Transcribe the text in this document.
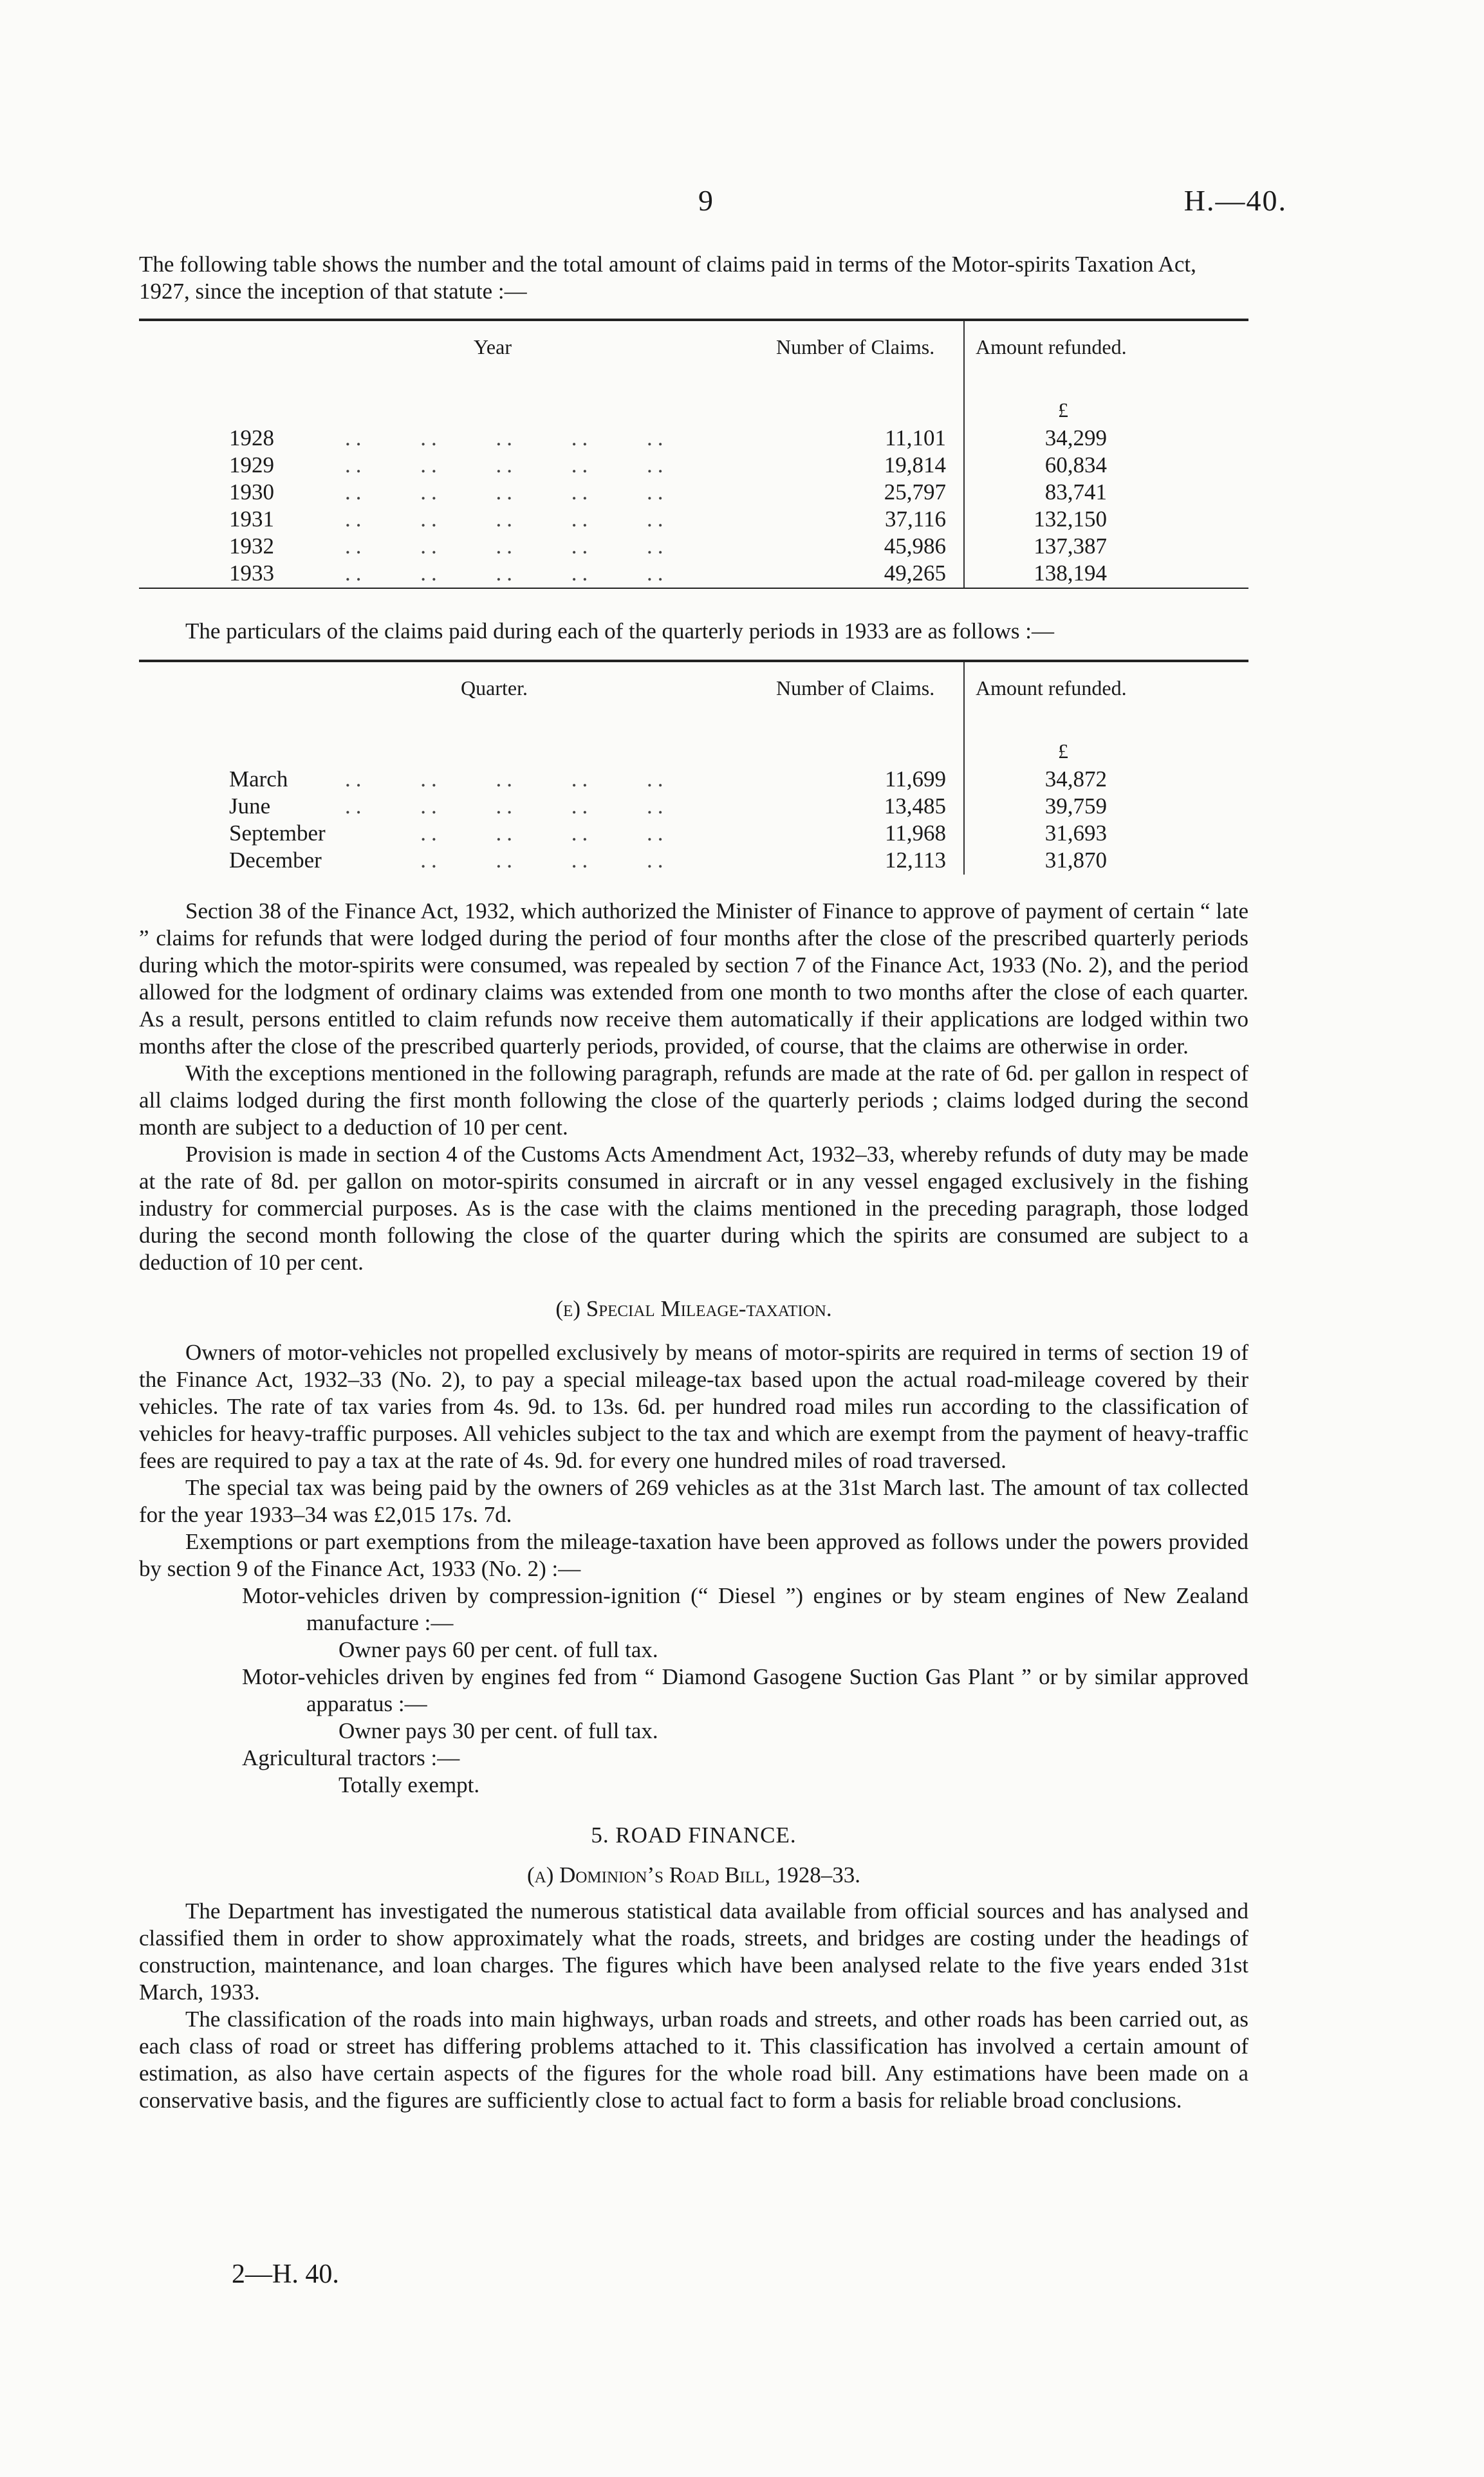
9	H.—40.
The following table shows the number and the total amount of claims paid in terms of the Motor-spirits Taxation Act, 1927, since the inception of that statute :—
Year	Number of Claims. Amount refunded.
£
1928	..     ..     ..     ..     ..	11,101	34,299
1929	..     ..     ..     ..     ..	19,814	60,834
1930	..     ..     ..     ..     ..	25,797	83,741
1931	..     ..     ..     ..     ..	37,116	132,150
1932	..     ..     ..     ..     ..	45,986	137,387
1933	..     ..     ..     ..     ..	49,265	138,194
The particulars of the claims paid during each of the quarterly periods in 1933 are as follows :—
Quarter.	Number of Claims. Amount refunded.
£
March	..     ..     ..     ..     ..	11,699	34,872
June	..     ..     ..     ..     ..	13,485	39,759
September ..     ..     ..     ..	11,968	31,693
December ..     ..     ..     ..	12,113	31,870

Section 38 of the Finance Act, 1932, which authorized the Minister of Finance to approve of payment of certain “ late ” claims for refunds that were lodged during the period of four months after the close of the prescribed quarterly periods during which the motor-spirits were consumed, was repealed by section 7 of the Finance Act, 1933 (No. 2), and the period allowed for the lodgment of ordinary claims was extended from one month to two months after the close of each quarter. As a result, persons entitled to claim refunds now receive them automatically if their applications are lodged within two months after the close of the prescribed quarterly periods, provided, of course, that the claims are otherwise in order.

With the exceptions mentioned in the following paragraph, refunds are made at the rate of 6d. per gallon in respect of all claims lodged during the first month following the close of the quarterly periods ; claims lodged during the second month are subject to a deduction of 10 per cent.

Provision is made in section 4 of the Customs Acts Amendment Act, 1932–33, whereby refunds of duty may be made at the rate of 8d. per gallon on motor-spirits consumed in aircraft or in any vessel engaged exclusively in the fishing industry for commercial purposes. As is the case with the claims mentioned in the preceding paragraph, those lodged during the second month following the close of the quarter during which the spirits are consumed are subject to a deduction of 10 per cent.

(e) Special Mileage-taxation.

Owners of motor-vehicles not propelled exclusively by means of motor-spirits are required in terms of section 19 of the Finance Act, 1932–33 (No. 2), to pay a special mileage-tax based upon the actual road-mileage covered by their vehicles. The rate of tax varies from 4s. 9d. to 13s. 6d. per hundred road miles run according to the classification of vehicles for heavy-traffic purposes. All vehicles subject to the tax and which are exempt from the payment of heavy-traffic fees are required to pay a tax at the rate of 4s. 9d. for every one hundred miles of road traversed.

The special tax was being paid by the owners of 269 vehicles as at the 31st March last. The amount of tax collected for the year 1933–34 was £2,015 17s. 7d.

Exemptions or part exemptions from the mileage-taxation have been approved as follows under the powers provided by section 9 of the Finance Act, 1933 (No. 2) :—

Motor-vehicles driven by compression-ignition (“ Diesel ”) engines or by steam engines of New Zealand manufacture :—

Owner pays 60 per cent. of full tax.

Motor-vehicles driven by engines fed from “ Diamond Gasogene Suction Gas Plant ” or by similar approved apparatus :—

Owner pays 30 per cent. of full tax.

Agricultural tractors :—

Totally exempt.

5. ROAD FINANCE.

(a) Dominion’s Road Bill, 1928–33.

The Department has investigated the numerous statistical data available from official sources and has analysed and classified them in order to show approximately what the roads, streets, and bridges are costing under the headings of construction, maintenance, and loan charges. The figures which have been analysed relate to the five years ended 31st March, 1933.

The classification of the roads into main highways, urban roads and streets, and other roads has been carried out, as each class of road or street has differing problems attached to it. This classification has involved a certain amount of estimation, as also have certain aspects of the figures for the whole road bill. Any estimations have been made on a conservative basis, and the figures are sufficiently close to actual fact to form a basis for reliable broad conclusions.

2—H. 40.
